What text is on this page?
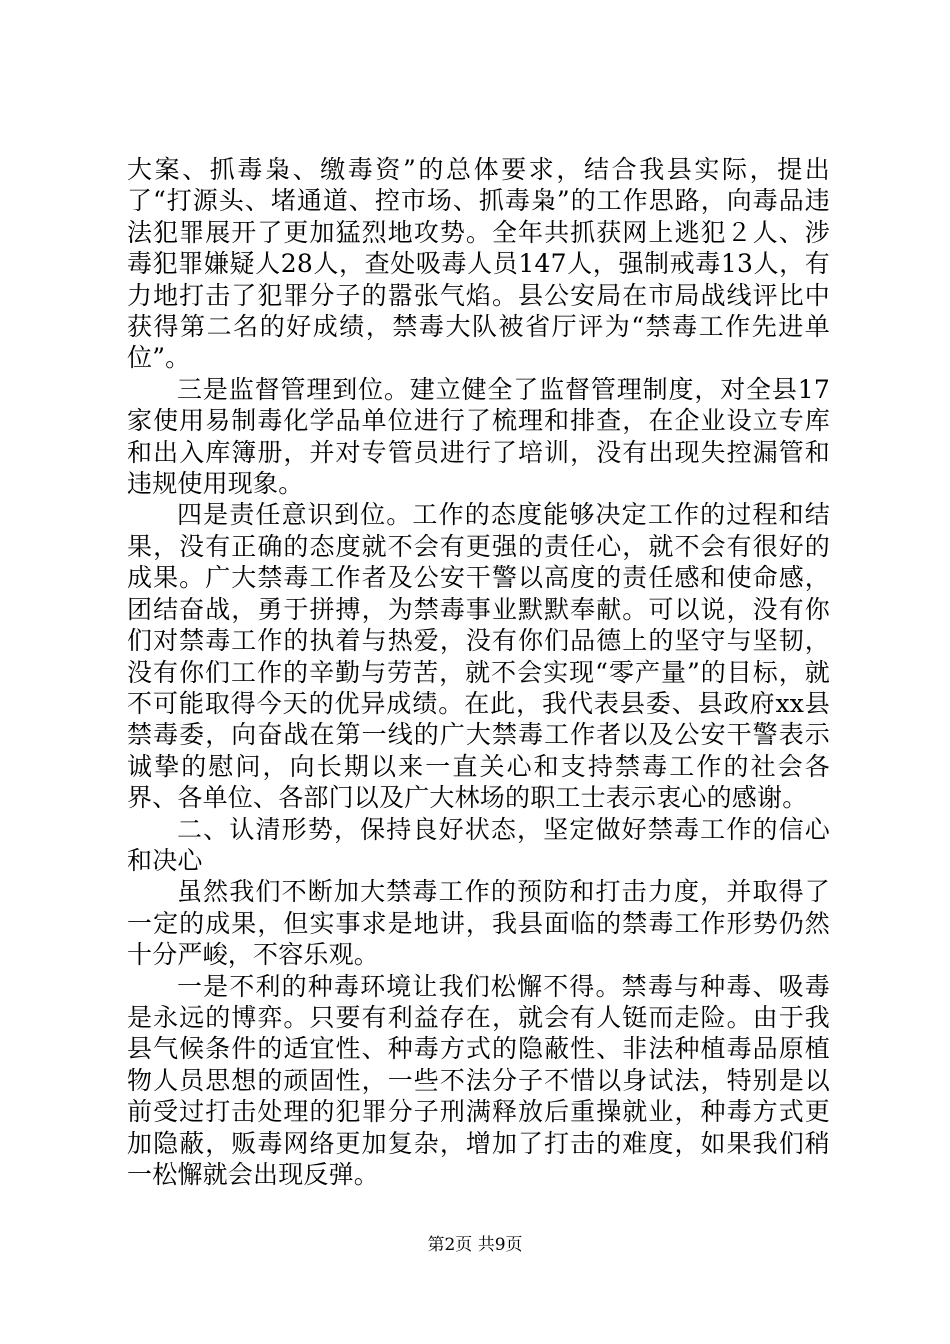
大案、抓毒枭、缴毒资”的总体要求，结合我县实际，提出了“打源头、堵通道、控市场、抓毒枭”的工作思路，向毒品违法犯罪展开了更加猛烈地攻势。全年共抓获网上逃犯２人、涉毒犯罪嫌疑人28人，查处吸毒人员147人，强制戒毒13人，有力地打击了犯罪分子的嚣张气焰。县公安局在市局战线评比中获得第二名的好成绩，禁毒大队被省厅评为“禁毒工作先进单位”。

三是监督管理到位。建立健全了监督管理制度，对全县17家使用易制毒化学品单位进行了梳理和排查，在企业设立专库和出入库簿册，并对专管员进行了培训，没有出现失控漏管和违规使用现象。

四是责任意识到位。工作的态度能够决定工作的过程和结果，没有正确的态度就不会有更强的责任心，就不会有很好的成果。广大禁毒工作者及公安干警以高度的责任感和使命感，团结奋战，勇于拼搏，为禁毒事业默默奉献。可以说，没有你们对禁毒工作的执着与热爱，没有你们品德上的坚守与坚韧，没有你们工作的辛勤与劳苦，就不会实现“零产量”的目标，就不可能取得今天的优异成绩。在此，我代表县委、县政府xx县禁毒委，向奋战在第一线的广大禁毒工作者以及公安干警表示诚挚的慰问，向长期以来一直关心和支持禁毒工作的社会各界、各单位、各部门以及广大林场的职工士表示衷心的感谢。

二、认清形势，保持良好状态，坚定做好禁毒工作的信心和决心

虽然我们不断加大禁毒工作的预防和打击力度，并取得了一定的成果，但实事求是地讲，我县面临的禁毒工作形势仍然十分严峻，不容乐观。

一是不利的种毒环境让我们松懈不得。禁毒与种毒、吸毒是永远的博弈。只要有利益存在，就会有人铤而走险。由于我县气候条件的适宜性、种毒方式的隐蔽性、非法种植毒品原植物人员思想的顽固性，一些不法分子不惜以身试法，特别是以前受过打击处理的犯罪分子刑满释放后重操就业，种毒方式更加隐蔽，贩毒网络更加复杂，增加了打击的难度，如果我们稍一松懈就会出现反弹。

第2页 共9页
